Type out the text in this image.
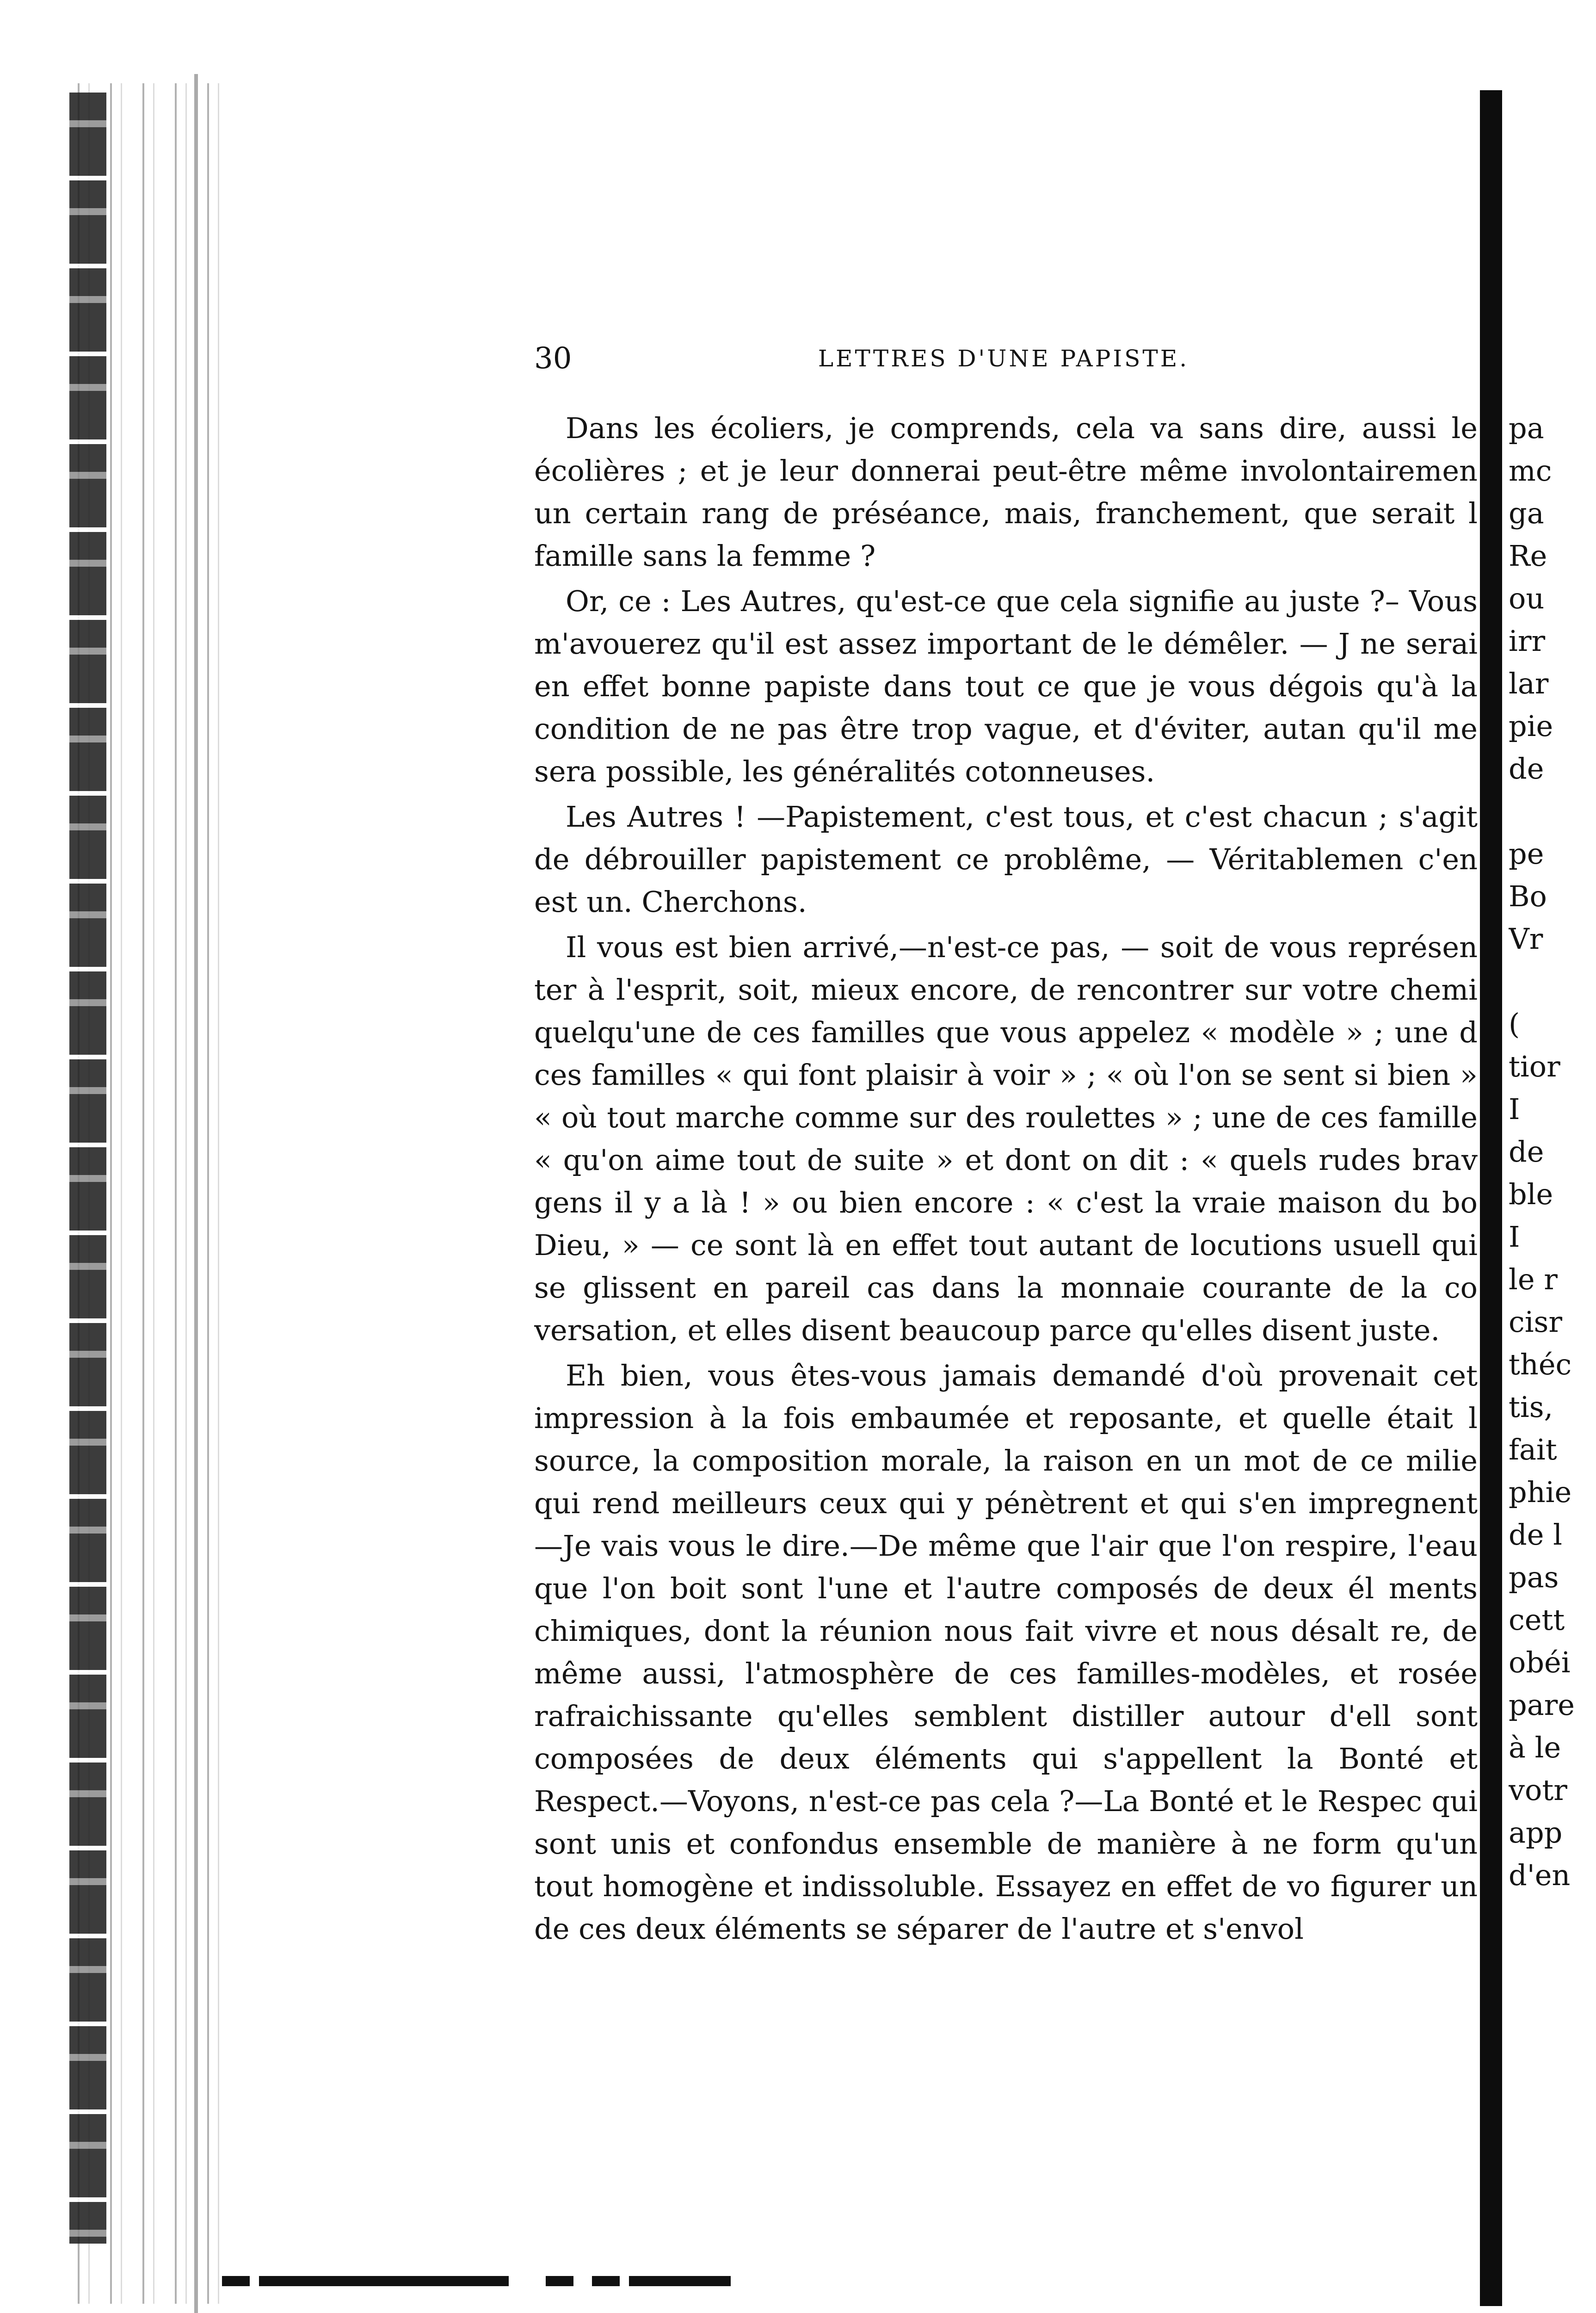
30	LETTRES D'UNE PAPISTE.

Dans les écoliers, je comprends, cela va sans dire, aussi le écolières ; et je leur donnerai peut-être même involontairemen un certain rang de préséance, mais, franchement, que serait l famille sans la femme ?

Or, ce : Les Autres, qu'est-ce que cela signifie au juste ?– Vous m'avouerez qu'il est assez important de le démêler. — J ne serai en effet bonne papiste dans tout ce que je vous dégois qu'à la condition de ne pas être trop vague, et d'éviter, autan qu'il me sera possible, les généralités cotonneuses.

Les Autres ! —Papistement, c'est tous, et c'est chacun ; s'agit de débrouiller papistement ce problême, — Véritablemen c'en est un. Cherchons.

Il vous est bien arrivé,—n'est-ce pas, — soit de vous représen ter à l'esprit, soit, mieux encore, de rencontrer sur votre chemi quelqu'une de ces familles que vous appelez « modèle » ; une d ces familles « qui font plaisir à voir » ; « où l'on se sent si bien » « où tout marche comme sur des roulettes » ; une de ces famille « qu'on aime tout de suite » et dont on dit : « quels rudes brav gens il y a là ! » ou bien encore : « c'est la vraie maison du bo Dieu, » — ce sont là en effet tout autant de locutions usuell qui se glissent en pareil cas dans la monnaie courante de la co versation, et elles disent beaucoup parce qu'elles disent juste.

Eh bien, vous êtes-vous jamais demandé d'où provenait cet impression à la fois embaumée et reposante, et quelle était l source, la composition morale, la raison en un mot de ce milie qui rend meilleurs ceux qui y pénètrent et qui s'en impregnent —Je vais vous le dire.—De même que l'air que l'on respire, l'eau que l'on boit sont l'une et l'autre composés de deux él ments chimiques, dont la réunion nous fait vivre et nous désalt re, de même aussi, l'atmosphère de ces familles-modèles, et rosée rafraichissante qu'elles semblent distiller autour d'ell sont composées de deux éléments qui s'appellent la Bonté et Respect.—Voyons, n'est-ce pas cela ?—La Bonté et le Respec qui sont unis et confondus ensemble de manière à ne form qu'un tout homogène et indissoluble. Essayez en effet de vo figurer un de ces deux éléments se séparer de l'autre et s'envol

pa
mc
ga
Re
ou
irr
lar
pie
de
pe
Bo
Vr
(
tior
I
de
ble
I
le r
cisr
théc
tis,
fait
phie
de l
pas
cett
obéi
pare
à le
votr
app
d'en
